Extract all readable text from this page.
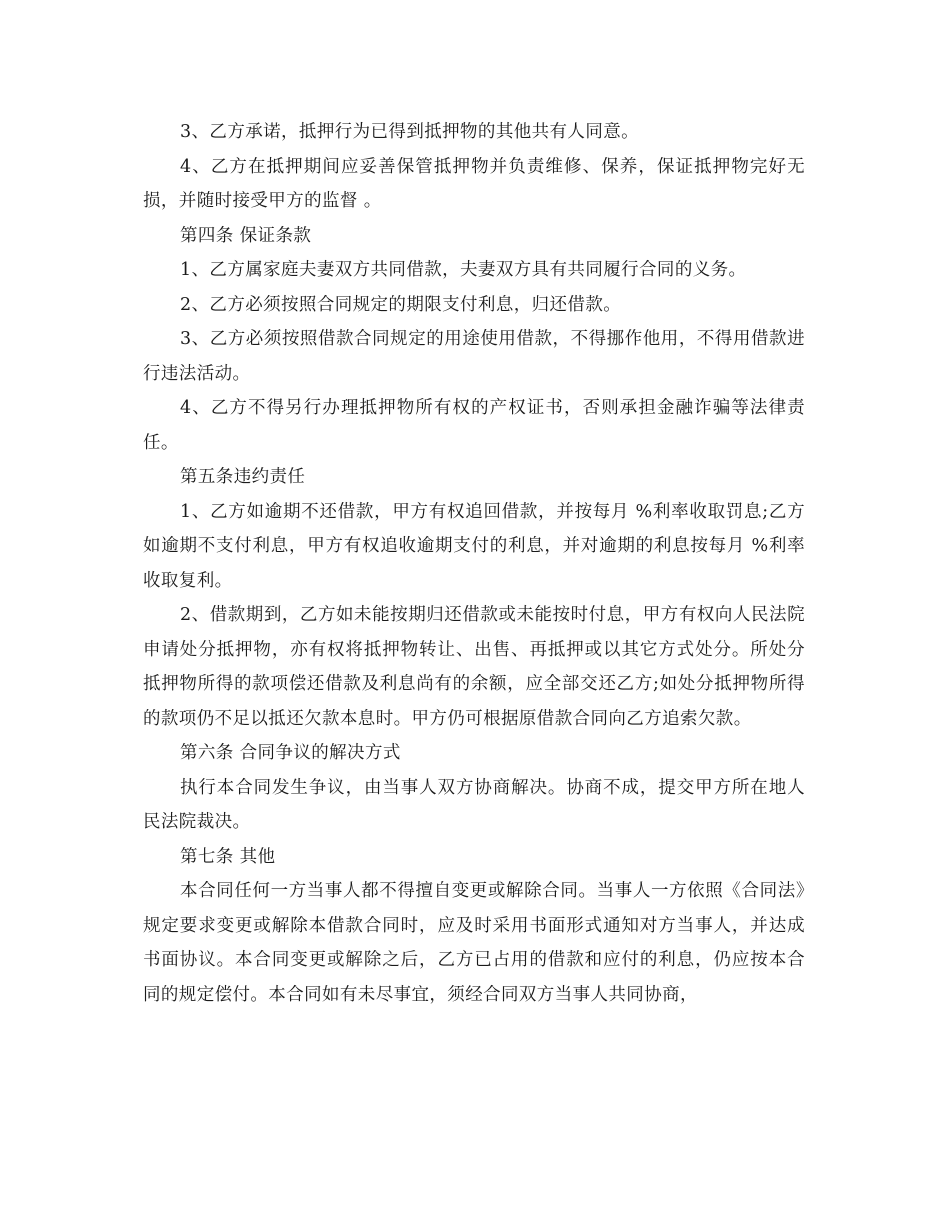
3、乙方承诺，抵押行为已得到抵押物的其他共有人同意。

4、乙方在抵押期间应妥善保管抵押物并负责维修、保养，保证抵押物完好无损，并随时接受甲方的监督 。

第四条 保证条款

1、乙方属家庭夫妻双方共同借款，夫妻双方具有共同履行合同的义务。

2、乙方必须按照合同规定的期限支付利息，归还借款。

3、乙方必须按照借款合同规定的用途使用借款，不得挪作他用，不得用借款进行违法活动。

4、乙方不得另行办理抵押物所有权的产权证书，否则承担金融诈骗等法律责任。

第五条违约责任

1、乙方如逾期不还借款，甲方有权追回借款，并按每月 %利率收取罚息;乙方如逾期不支付利息，甲方有权追收逾期支付的利息，并对逾期的利息按每月 %利率收取复利。

2、借款期到，乙方如未能按期归还借款或未能按时付息，甲方有权向人民法院申请处分抵押物，亦有权将抵押物转让、出售、再抵押或以其它方式处分。所处分抵押物所得的款项偿还借款及利息尚有的余额，应全部交还乙方;如处分抵押物所得的款项仍不足以抵还欠款本息时。甲方仍可根据原借款合同向乙方追索欠款。

第六条 合同争议的解决方式

执行本合同发生争议，由当事人双方协商解决。协商不成，提交甲方所在地人民法院裁决。

第七条 其他

本合同任何一方当事人都不得擅自变更或解除合同。当事人一方依照《合同法》规定要求变更或解除本借款合同时，应及时采用书面形式通知对方当事人，并达成书面协议。本合同变更或解除之后，乙方已占用的借款和应付的利息，仍应按本合同的规定偿付。本合同如有未尽事宜，须经合同双方当事人共同协商，
